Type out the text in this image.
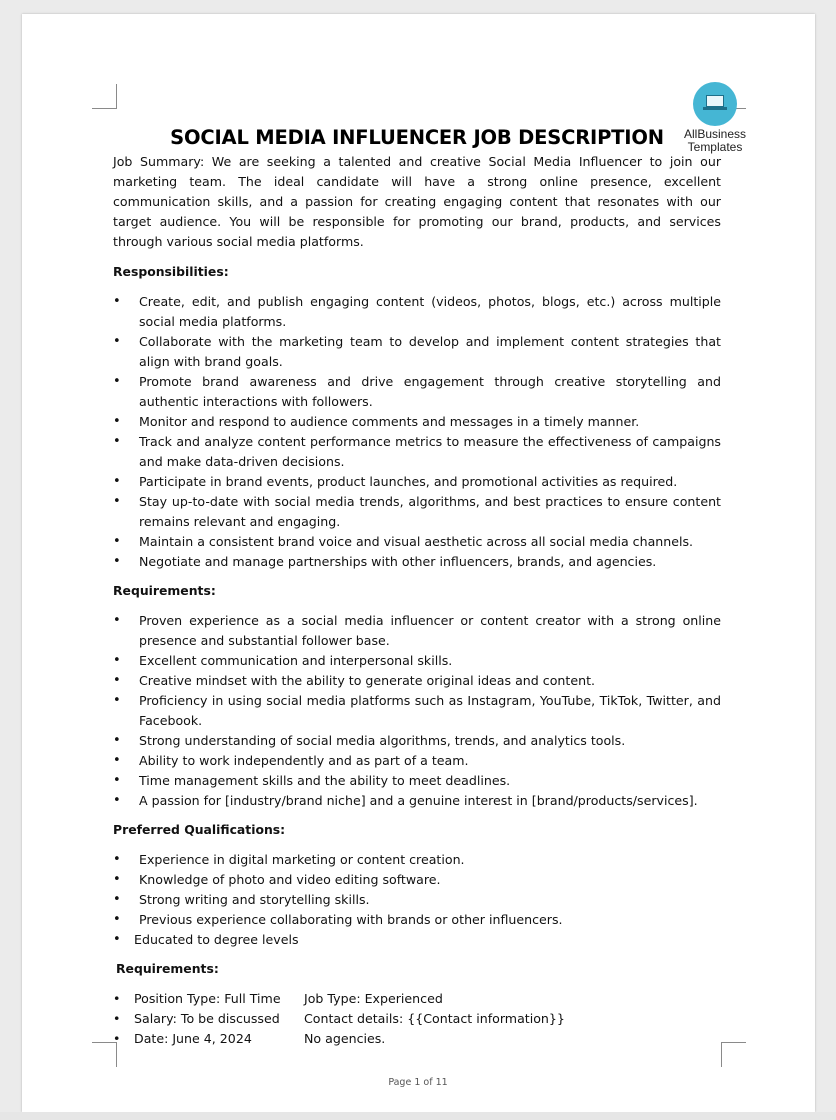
AllBusiness
Templates
SOCIAL MEDIA INFLUENCER JOB DESCRIPTION

Job Summary: We are seeking a talented and creative Social Media Influencer to join our marketing team. The ideal candidate will have a strong online presence, excellent communication skills, and a passion for creating engaging content that resonates with our target audience. You will be responsible for promoting our brand, products, and services through various social media platforms.

Responsibilities:
• Create, edit, and publish engaging content (videos, photos, blogs, etc.) across multiple social media platforms.
• Collaborate with the marketing team to develop and implement content strategies that align with brand goals.
• Promote brand awareness and drive engagement through creative storytelling and authentic interactions with followers.
• Monitor and respond to audience comments and messages in a timely manner.
• Track and analyze content performance metrics to measure the effectiveness of campaigns and make data-driven decisions.
• Participate in brand events, product launches, and promotional activities as required.
• Stay up-to-date with social media trends, algorithms, and best practices to ensure content remains relevant and engaging.
• Maintain a consistent brand voice and visual aesthetic across all social media channels.
• Negotiate and manage partnerships with other influencers, brands, and agencies.
Requirements:
• Proven experience as a social media influencer or content creator with a strong online presence and substantial follower base.
• Excellent communication and interpersonal skills.
• Creative mindset with the ability to generate original ideas and content.
• Proficiency in using social media platforms such as Instagram, YouTube, TikTok, Twitter, and Facebook.
• Strong understanding of social media algorithms, trends, and analytics tools.
• Ability to work independently and as part of a team.
• Time management skills and the ability to meet deadlines.
• A passion for [industry/brand niche] and a genuine interest in [brand/products/services].
Preferred Qualifications:
• Experience in digital marketing or content creation.
• Knowledge of photo and video editing software.
• Strong writing and storytelling skills.
• Previous experience collaborating with brands or other influencers.
• Educated to degree levels
Requirements:
• Position Type: Full Time Job Type: Experienced
• Salary: To be discussed Contact details: {{Contact information}}
• Date: June 4, 2024	No agencies.
Page 1 of 11
